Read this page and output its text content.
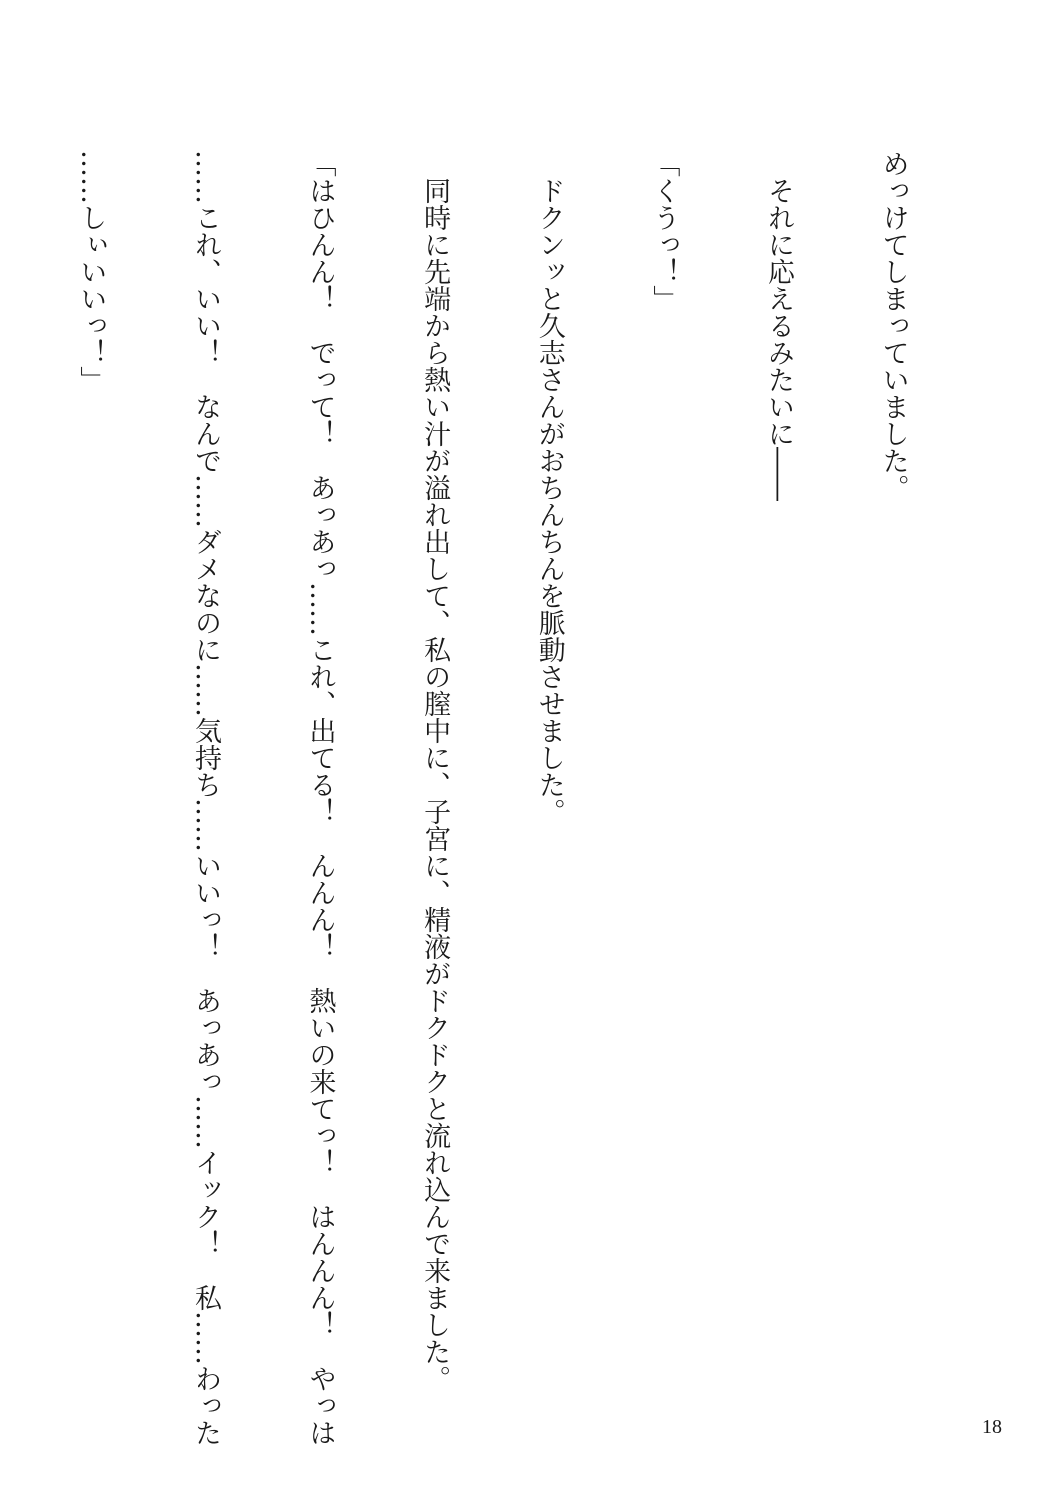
めっけてしまっていました。

　それに応えるみたいに――

「くうっ！」

　ドクンッと久志さんがおちんちんを脈動させました。

　同時に先端から熱い汁が溢れ出して、私の膣中に、子宮に、精液がドクドクと流れ込んで来ました。

「はひんん！　でって！　あっあっ……これ、出てる！　んんん！　熱いの来てっ！　はんんん！　やっは

……これ、いい！　なんで……ダメなのに……気持ち……いいっ！　あっあっ……イック！　私……わった

……しぃいいっ！」

18
